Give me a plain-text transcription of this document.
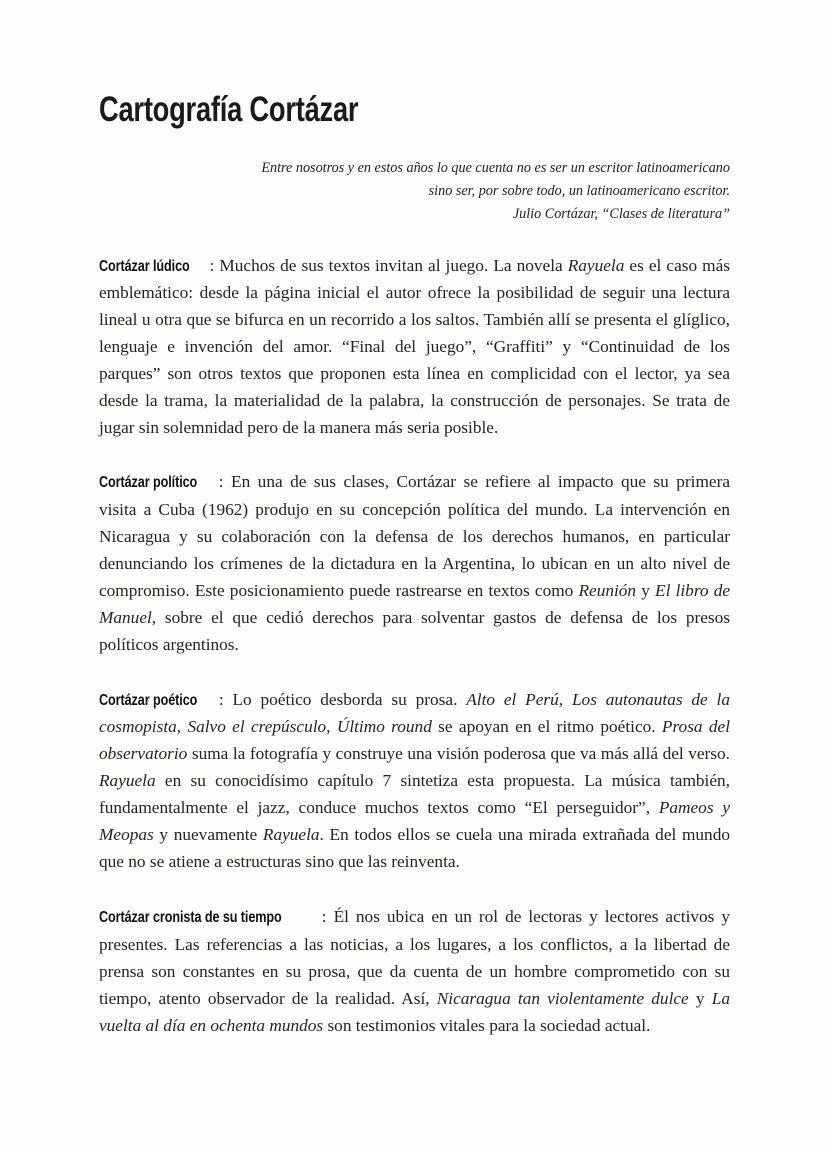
Cartografía Cortázar
Entre nosotros y en estos años lo que cuenta no es ser un escritor latinoamericano
sino ser, por sobre todo, un latinoamericano escritor.
Julio Cortázar, “Clases de literatura”

Cortázar lúdico : Muchos de sus textos invitan al juego. La novela Rayuela es el caso más emblemático: desde la página inicial el autor ofrece la posibilidad de seguir una lectura lineal u otra que se bifurca en un recorrido a los saltos. También allí se presenta el glíglico, lenguaje e invención del amor. “Final del juego”, “Graffiti” y “Continuidad de los parques” son otros textos que proponen esta línea en complicidad con el lector, ya sea desde la trama, la materialidad de la palabra, la construcción de personajes. Se trata de jugar sin solemnidad pero de la manera más seria posible.

Cortázar político : En una de sus clases, Cortázar se refiere al impacto que su primera visita a Cuba (1962) produjo en su concepción política del mundo. La intervención en Nicaragua y su colaboración con la defensa de los derechos humanos, en particular denunciando los crímenes de la dictadura en la Argentina, lo ubican en un alto nivel de compromiso. Este posicionamiento puede rastrearse en textos como Reunión y El libro de Manuel, sobre el que cedió derechos para solventar gastos de defensa de los presos políticos argentinos.

Cortázar poético : Lo poético desborda su prosa. Alto el Perú, Los autonautas de la cosmopista, Salvo el crepúsculo, Último round se apoyan en el ritmo poético. Prosa del observatorio suma la fotografía y construye una visión poderosa que va más allá del verso. Rayuela en su conocidísimo capítulo 7 sintetiza esta propuesta. La música también, fundamentalmente el jazz, conduce muchos textos como “El perseguidor”, Pameos y Meopas y nuevamente Rayuela. En todos ellos se cuela una mirada extrañada del mundo que no se atiene a estructuras sino que las reinventa.

Cortázar cronista de su tiempo : Él nos ubica en un rol de lectoras y lectores activos y presentes. Las referencias a las noticias, a los lugares, a los conflictos, a la libertad de prensa son constantes en su prosa, que da cuenta de un hombre comprometido con su tiempo, atento observador de la realidad. Así, Nicaragua tan violentamente dulce y La vuelta al día en ochenta mundos son testimonios vitales para la sociedad actual.
